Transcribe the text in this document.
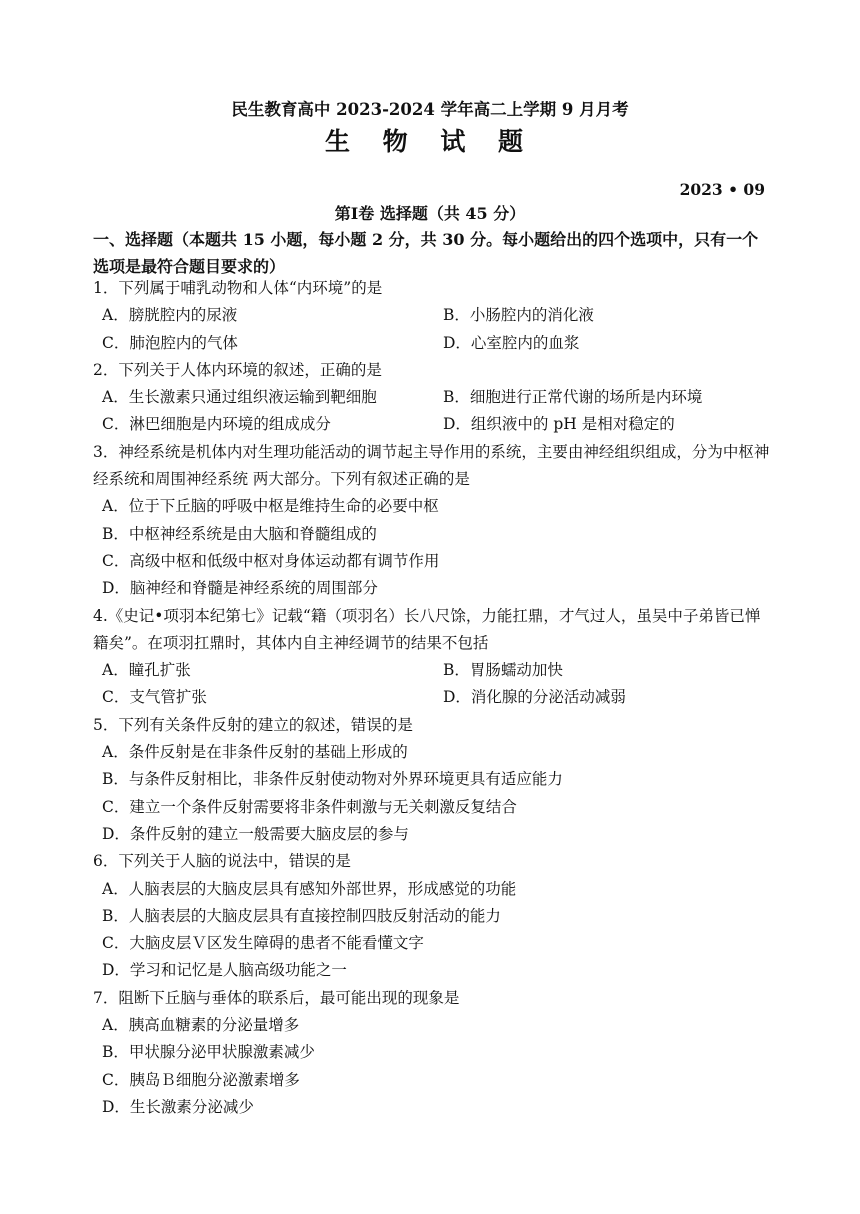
民生教育高中 2023-2024 学年高二上学期 9 月月考
生 物 试 题
2023 • 09
第Ⅰ卷 选择题（共 45 分）
一、选择题（本题共 15 小题，每小题 2 分，共 30 分。每小题给出的四个选项中，只有一个选项是最符合题目要求的）
1．下列属于哺乳动物和人体“内环境”的是
A．膀胱腔内的尿液	B．小肠腔内的消化液
C．肺泡腔内的气体	D．心室腔内的血浆
2．下列关于人体内环境的叙述，正确的是
A．生长激素只通过组织液运输到靶细胞	B．细胞进行正常代谢的场所是内环境
C．淋巴细胞是内环境的组成成分	D．组织液中的 pH 是相对稳定的
3．神经系统是机体内对生理功能活动的调节起主导作用的系统，主要由神经组织组成，分为中枢神经系统和周围神经系统 两大部分。下列有叙述正确的是
A．位于下丘脑的呼吸中枢是维持生命的必要中枢
B．中枢神经系统是由大脑和脊髓组成的
C．高级中枢和低级中枢对身体运动都有调节作用
D．脑神经和脊髓是神经系统的周围部分
4.《史记•项羽本纪第七》记载“籍（项羽名）长八尺馀，力能扛鼎，才气过人，虽吴中子弟皆已惮籍矣”。在项羽扛鼎时，其体内自主神经调节的结果不包括
A．瞳孔扩张	B．胃肠蠕动加快
C．支气管扩张	D．消化腺的分泌活动减弱
5．下列有关条件反射的建立的叙述，错误的是
A．条件反射是在非条件反射的基础上形成的
B．与条件反射相比，非条件反射使动物对外界环境更具有适应能力
C．建立一个条件反射需要将非条件刺激与无关刺激反复结合
D．条件反射的建立一般需要大脑皮层的参与
6．下列关于人脑的说法中，错误的是
A．人脑表层的大脑皮层具有感知外部世界，形成感觉的功能
B．人脑表层的大脑皮层具有直接控制四肢反射活动的能力
C．大脑皮层Ｖ区发生障碍的患者不能看懂文字
D．学习和记忆是人脑高级功能之一
7．阻断下丘脑与垂体的联系后，最可能出现的现象是
A．胰高血糖素的分泌量增多
B．甲状腺分泌甲状腺激素减少
C．胰岛Ｂ细胞分泌激素增多
D．生长激素分泌减少
